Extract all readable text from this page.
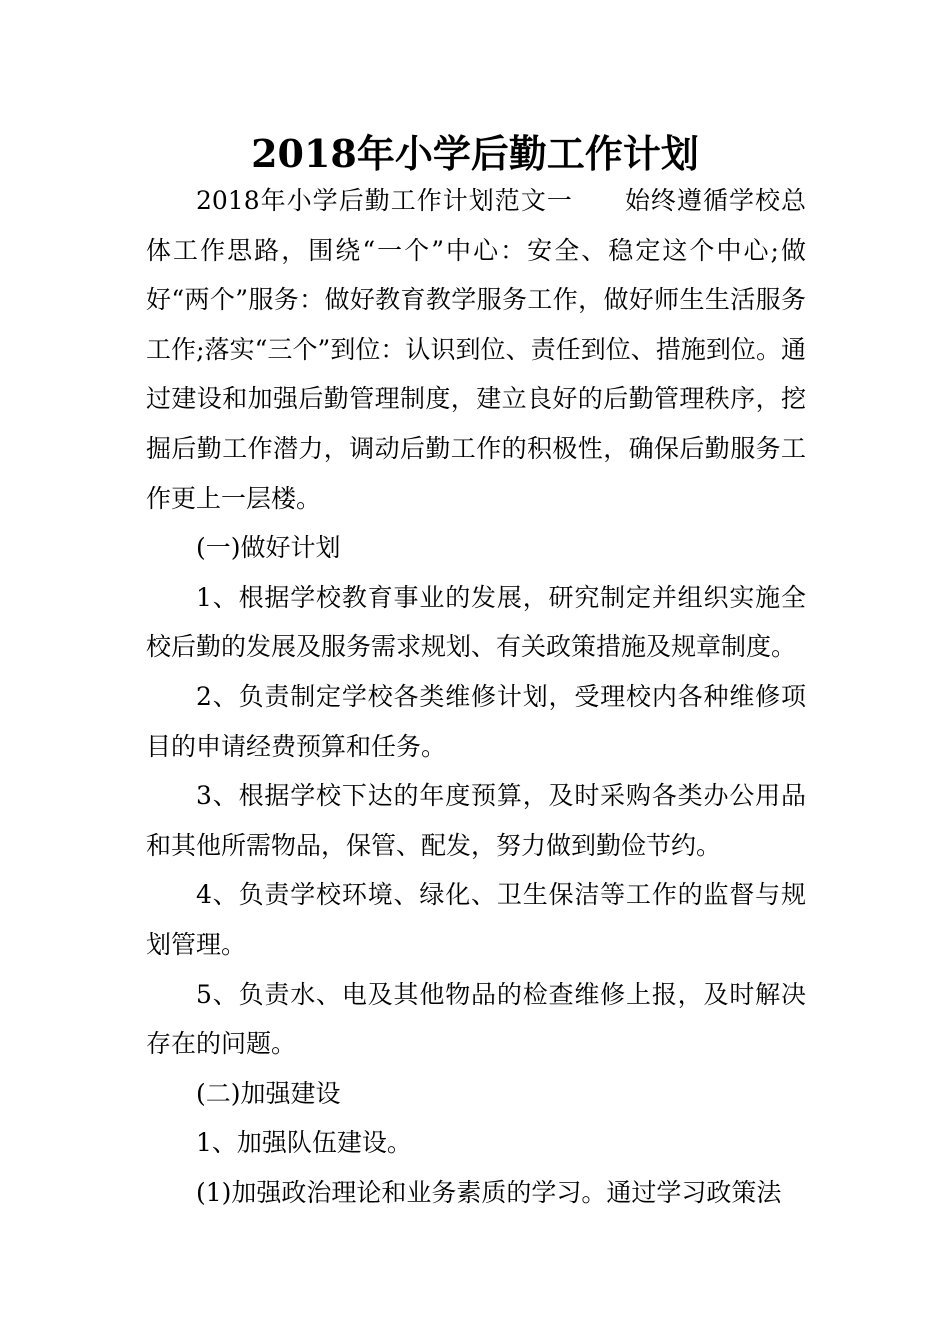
2018年小学后勤工作计划

2018年小学后勤工作计划范文一　　始终遵循学校总体工作思路，围绕“一个”中心：安全、稳定这个中心;做好“两个”服务：做好教育教学服务工作，做好师生生活服务工作;落实“三个”到位：认识到位、责任到位、措施到位。通过建设和加强后勤管理制度，建立良好的后勤管理秩序，挖掘后勤工作潜力，调动后勤工作的积极性，确保后勤服务工作更上一层楼。

(一)做好计划

1、根据学校教育事业的发展，研究制定并组织实施全校后勤的发展及服务需求规划、有关政策措施及规章制度。

2、负责制定学校各类维修计划，受理校内各种维修项目的申请经费预算和任务。

3、根据学校下达的年度预算，及时采购各类办公用品和其他所需物品，保管、配发，努力做到勤俭节约。

4、负责学校环境、绿化、卫生保洁等工作的监督与规划管理。

5、负责水、电及其他物品的检查维修上报，及时解决存在的问题。

(二)加强建设

1、加强队伍建设。

(1)加强政治理论和业务素质的学习。通过学习政策法
